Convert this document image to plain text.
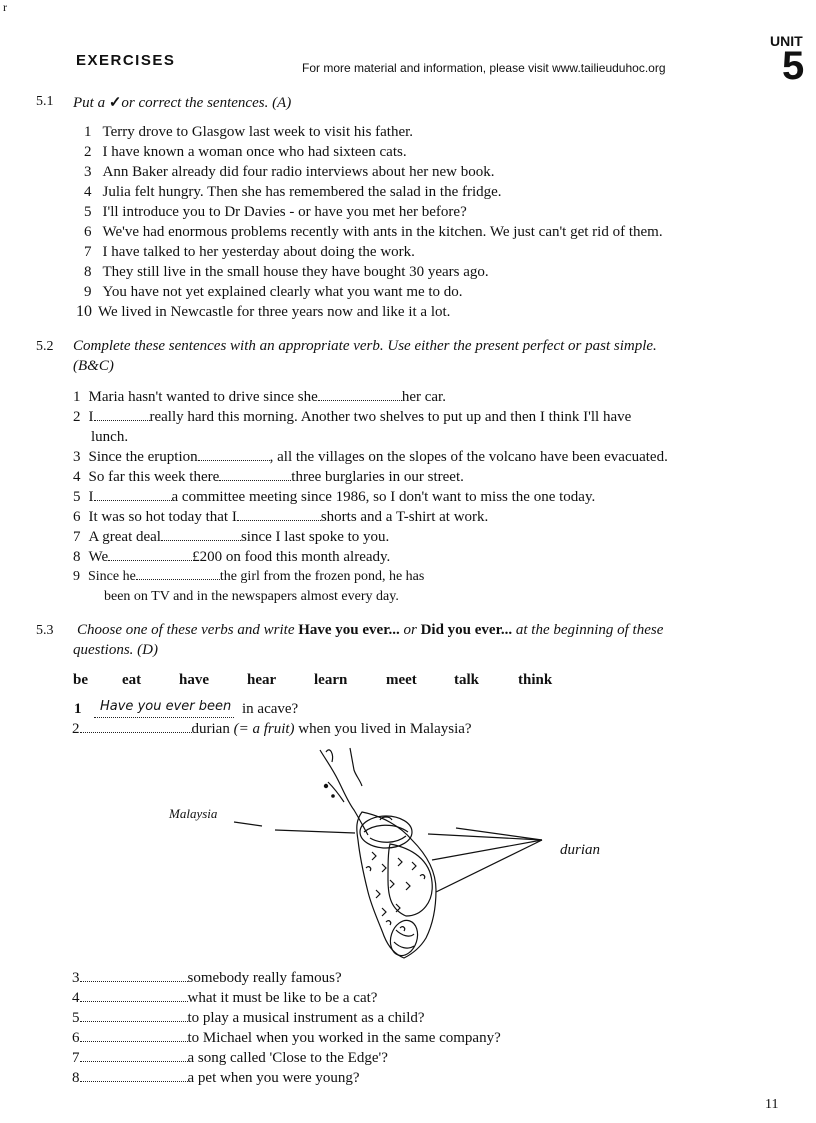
r
EXERCISES	For more material and information, please visit www.tailieuduhoc.org
UNIT
5
5.1 Put a ✓or correct the sentences. (A)
1 Terry drove to Glasgow last week to visit his father.
2 I have known a woman once who had sixteen cats.
3 Ann Baker already did four radio interviews about her new book.
4 Julia felt hungry. Then she has remembered the salad in the fridge.
5 I'll introduce you to Dr Davies - or have you met her before?
6 We've had enormous problems recently with ants in the kitchen. We just can't get rid of them.
7 I have talked to her yesterday about doing the work.
8 They still live in the small house they have bought 30 years ago.
9 You have not yet explained clearly what you want me to do.
10 We lived in Newcastle for three years now and like it a lot.
5.2 Complete these sentences with an appropriate verb. Use either the present perfect or past simple.
(B&C)
1 Maria hasn't wanted to drive since she	her car.
2 I	really hard this morning. Another two shelves to put up and then I think I'll have
lunch.
3 Since the eruption	, all the villages on the slopes of the volcano have been evacuated.
4 So far this week there	three burglaries in our street.
5 I	a committee meeting since 1986, so I don't want to miss the one today.
6 It was so hot today that I	shorts and a T-shirt at work.
7 A great deal	since I last spoke to you.
8 We	£200 on food this month already.
9 Since he	the girl from the frozen pond, he has
been on TV and in the newspapers almost every day.
5.3 Choose one of these verbs and write Have you ever... or Did you ever... at the beginning of these
questions. (D)
be eat	have	hear	learn	meet talk	think
1 Have you ever been in acave?
2	durian (= a fruit) when you lived in Malaysia?
Malaysia
durian
3	somebody really famous?
4	what it must be like to be a cat?
5	to play a musical instrument as a child?
6	to Michael when you worked in the same company?
7	a song called 'Close to the Edge'?
8	a pet when you were young?
11
